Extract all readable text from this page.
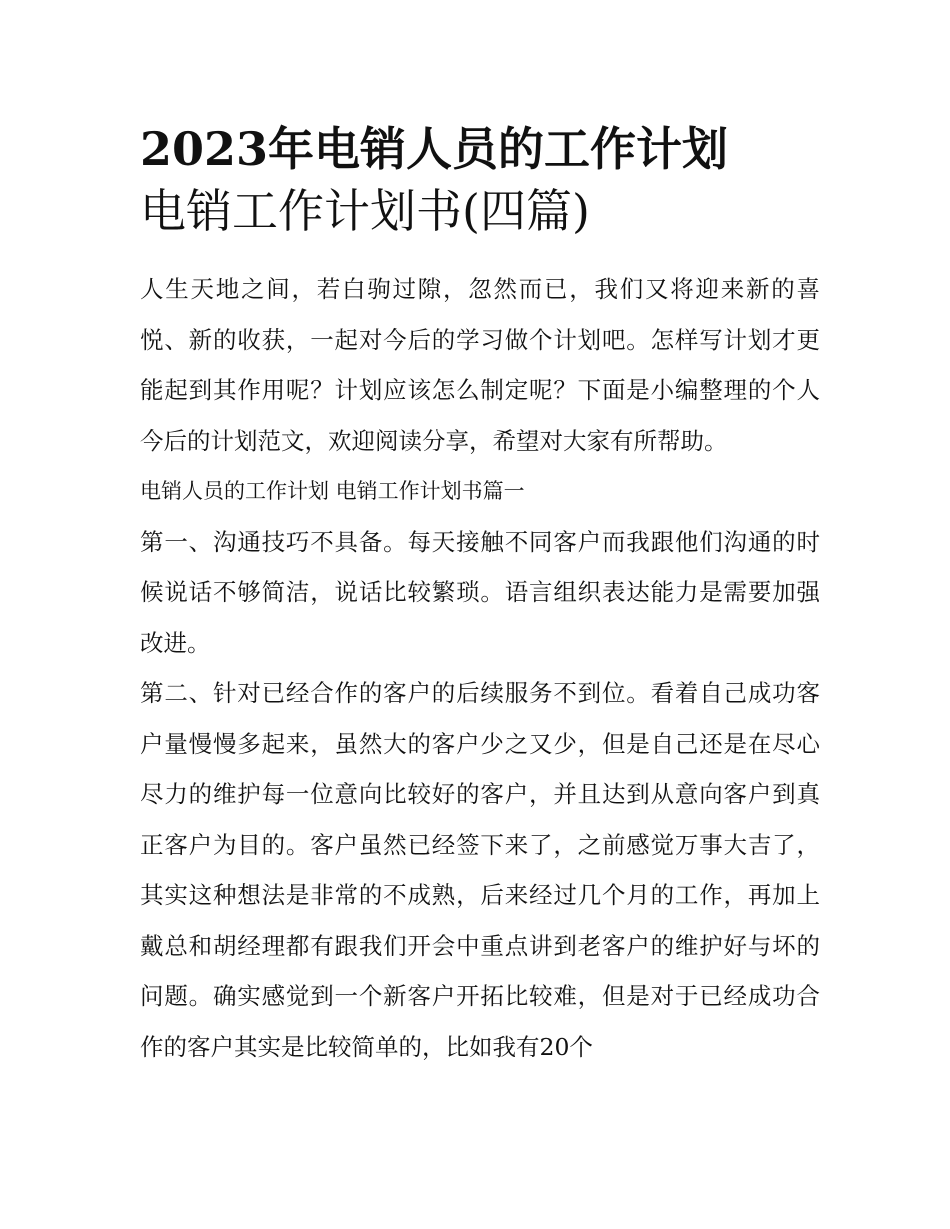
2023年电销人员的工作计划
电销工作计划书(四篇)

人生天地之间，若白驹过隙，忽然而已，我们又将迎来新的喜悦、新的收获，一起对今后的学习做个计划吧。怎样写计划才更能起到其作用呢？计划应该怎么制定呢？下面是小编整理的个人今后的计划范文，欢迎阅读分享，希望对大家有所帮助。

电销人员的工作计划 电销工作计划书篇一

第一、沟通技巧不具备。每天接触不同客户而我跟他们沟通的时候说话不够简洁，说话比较繁琐。语言组织表达能力是需要加强改进。

第二、针对已经合作的客户的后续服务不到位。看着自己成功客户量慢慢多起来，虽然大的客户少之又少，但是自己还是在尽心尽力的维护每一位意向比较好的客户，并且达到从意向客户到真正客户为目的。客户虽然已经签下来了，之前感觉万事大吉了，其实这种想法是非常的不成熟，后来经过几个月的工作，再加上戴总和胡经理都有跟我们开会中重点讲到老客户的维护好与坏的问题。确实感觉到一个新客户开拓比较难，但是对于已经成功合作的客户其实是比较简单的，比如我有20个
